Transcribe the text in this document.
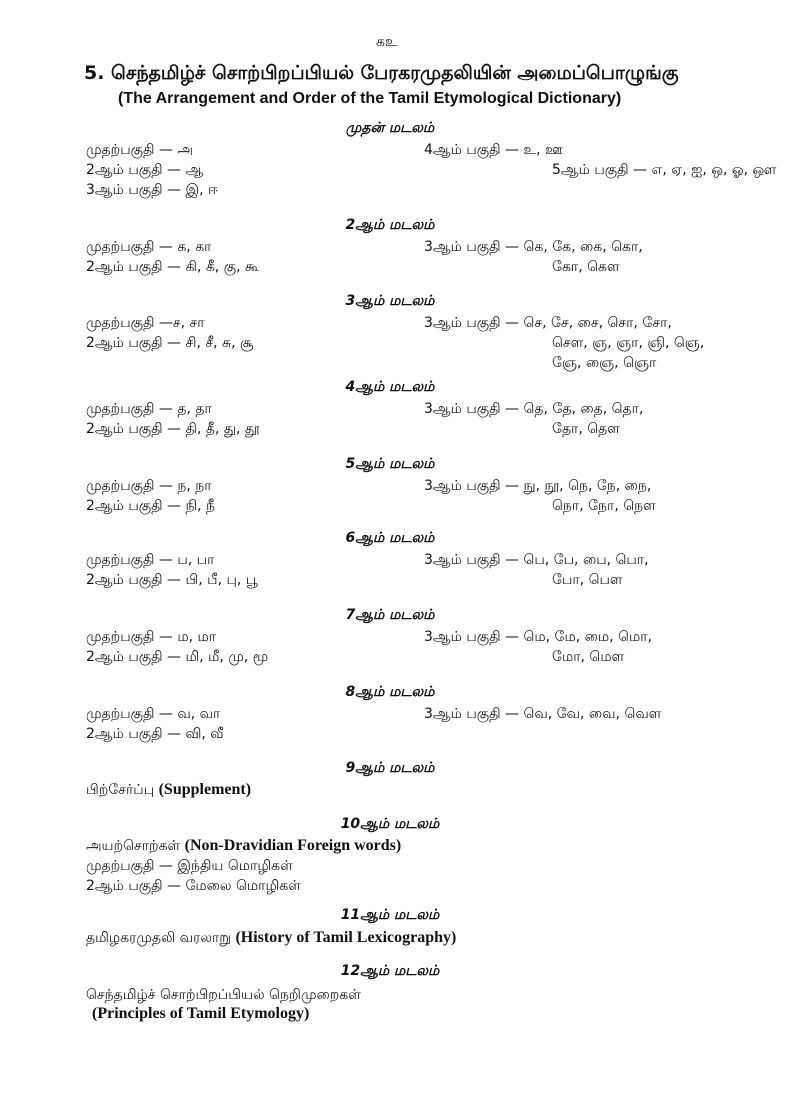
கஉ
5. செந்தமிழ்ச் சொற்பிறப்பியல் பேரகரமுதலியின் அமைப்பொழுங்கு
(The Arrangement and Order of the Tamil Etymological Dictionary)
முதன் மடலம்
முதற்பகுதி — அ
2ஆம் பகுதி — ஆ
3ஆம் பகுதி — இ, ஈ
4ஆம் பகுதி — உ, ஊ
5ஆம் பகுதி — எ, ஏ, ஐ, ஒ, ஓ, ஔ
2ஆம் மடலம்
முதற்பகுதி — க, கா
2ஆம் பகுதி — கி, கீ, கு, கூ
3ஆம் பகுதி — கெ, கே, கை, கொ,
கோ, கௌ
3ஆம் மடலம்
முதற்பகுதி —ச, சா
2ஆம் பகுதி — சி, சீ, சு, சூ
3ஆம் பகுதி — செ, சே, சை, சொ, சோ,
சௌ, ஞ, ஞா, ஞி, ஞெ,
ஞே, ஞை, ஞொ
4ஆம் மடலம்
முதற்பகுதி — த, தா
2ஆம் பகுதி — தி, தீ, து, தூ
3ஆம் பகுதி — தெ, தே, தை, தொ,
தோ, தௌ
5ஆம் மடலம்
முதற்பகுதி — ந, நா
2ஆம் பகுதி — நி, நீ
3ஆம் பகுதி — நு, நூ, நெ, நே, நை,
நொ, நோ, நௌ
6ஆம் மடலம்
முதற்பகுதி — ப, பா
2ஆம் பகுதி — பி, பீ, பு, பூ
3ஆம் பகுதி — பெ, பே, பை, பொ,
போ, பௌ
7ஆம் மடலம்
முதற்பகுதி — ம, மா
2ஆம் பகுதி — மி, மீ, மு, மூ
3ஆம் பகுதி — மெ, மே, மை, மொ,
மோ, மௌ
8ஆம் மடலம்
முதற்பகுதி — வ, வா
2ஆம் பகுதி — வி, வீ
3ஆம் பகுதி — வெ, வே, வை, வௌ
9ஆம் மடலம்
பிற்சேர்ப்பு (Supplement)
10ஆம் மடலம்
அயற்சொற்கள் (Non-Dravidian Foreign words)
முதற்பகுதி — இந்திய மொழிகள்
2ஆம் பகுதி — மேலை மொழிகள்
11ஆம் மடலம்
தமிழகரமுதலி வரலாறு (History of Tamil Lexicography)
12ஆம் மடலம்
செந்தமிழ்ச் சொற்பிறப்பியல் நெறிமுறைகள்
(Principles of Tamil Etymology)
